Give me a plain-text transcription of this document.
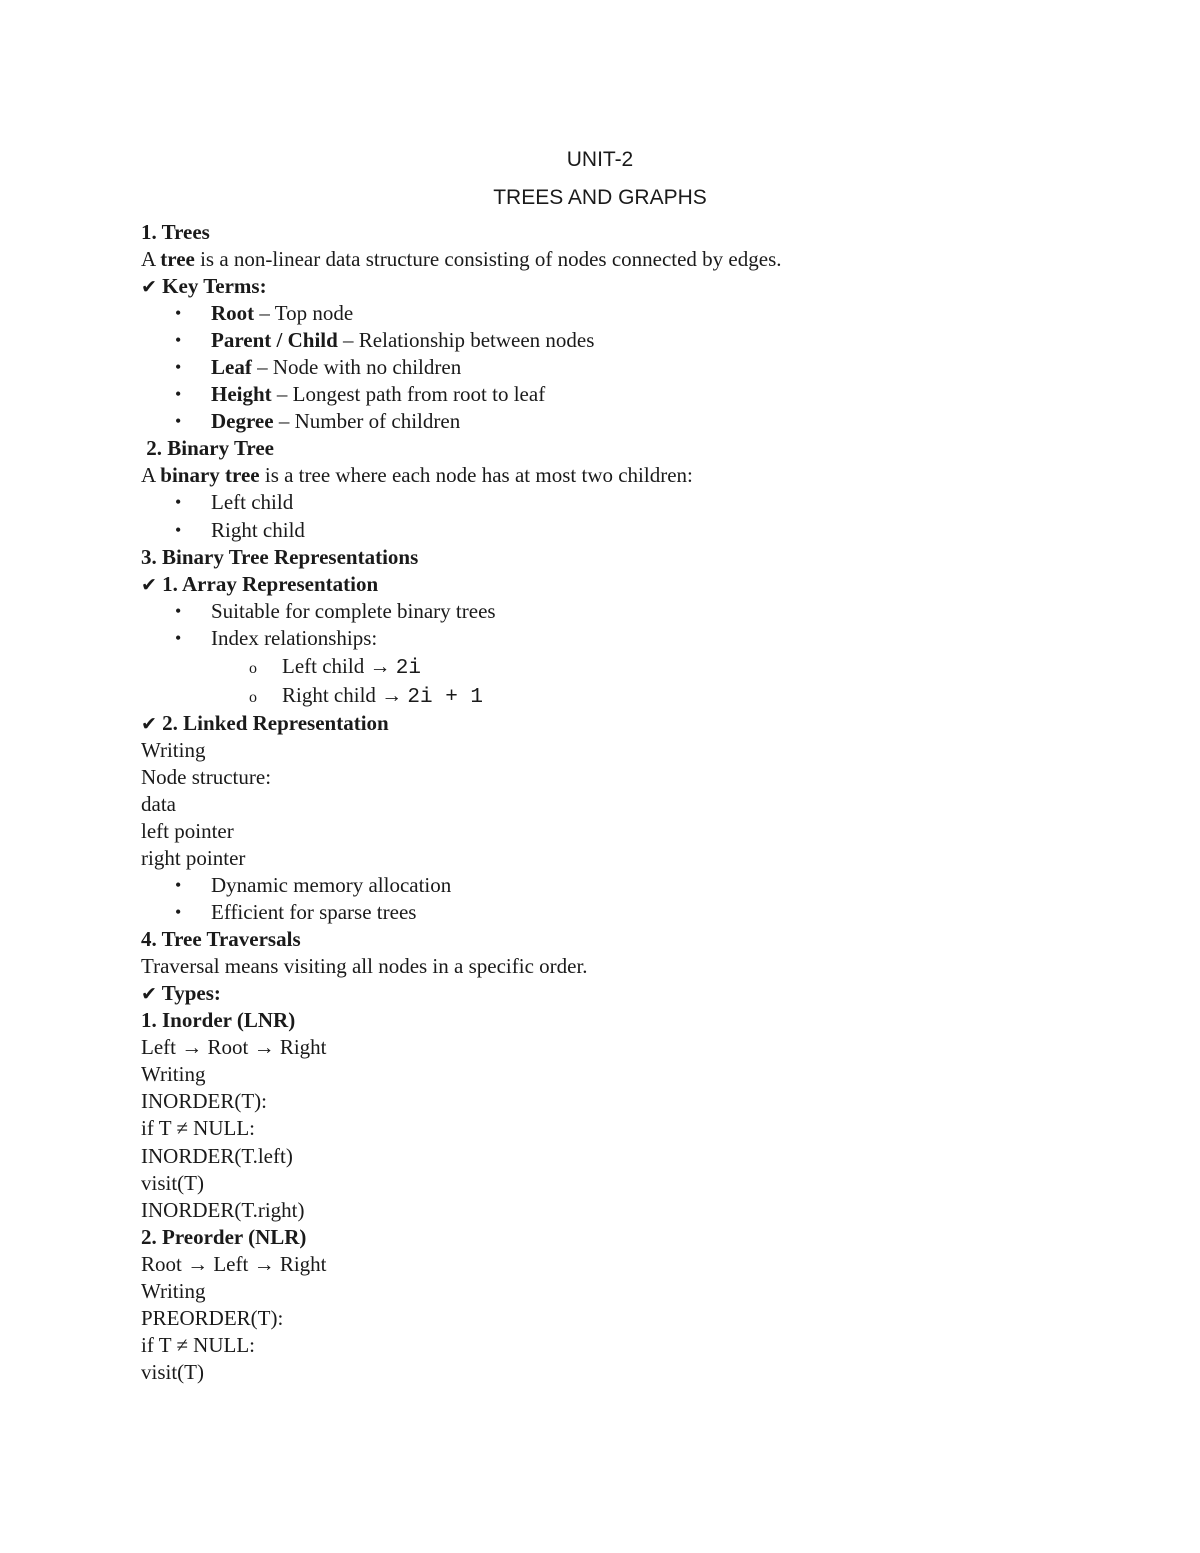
UNIT-2
TREES AND GRAPHS
1. Trees
A tree is a non-linear data structure consisting of nodes connected by edges.
✔ Key Terms:
• Root – Top node
• Parent / Child – Relationship between nodes
• Leaf – Node with no children
• Height – Longest path from root to leaf
• Degree – Number of children
2. Binary Tree
A binary tree is a tree where each node has at most two children:
• Left child
• Right child
3. Binary Tree Representations
✔ 1. Array Representation
• Suitable for complete binary trees
• Index relationships:
o Left child → 2i
o Right child → 2i + 1
✔ 2. Linked Representation
Writing
Node structure:
data
left pointer
right pointer
• Dynamic memory allocation
• Efficient for sparse trees
4. Tree Traversals
Traversal means visiting all nodes in a specific order.
✔ Types:
1. Inorder (LNR)
Left → Root → Right
Writing
INORDER(T):
if T ≠ NULL:
INORDER(T.left)
visit(T)
INORDER(T.right)
2. Preorder (NLR)
Root → Left → Right
Writing
PREORDER(T):
if T ≠ NULL:
visit(T)
